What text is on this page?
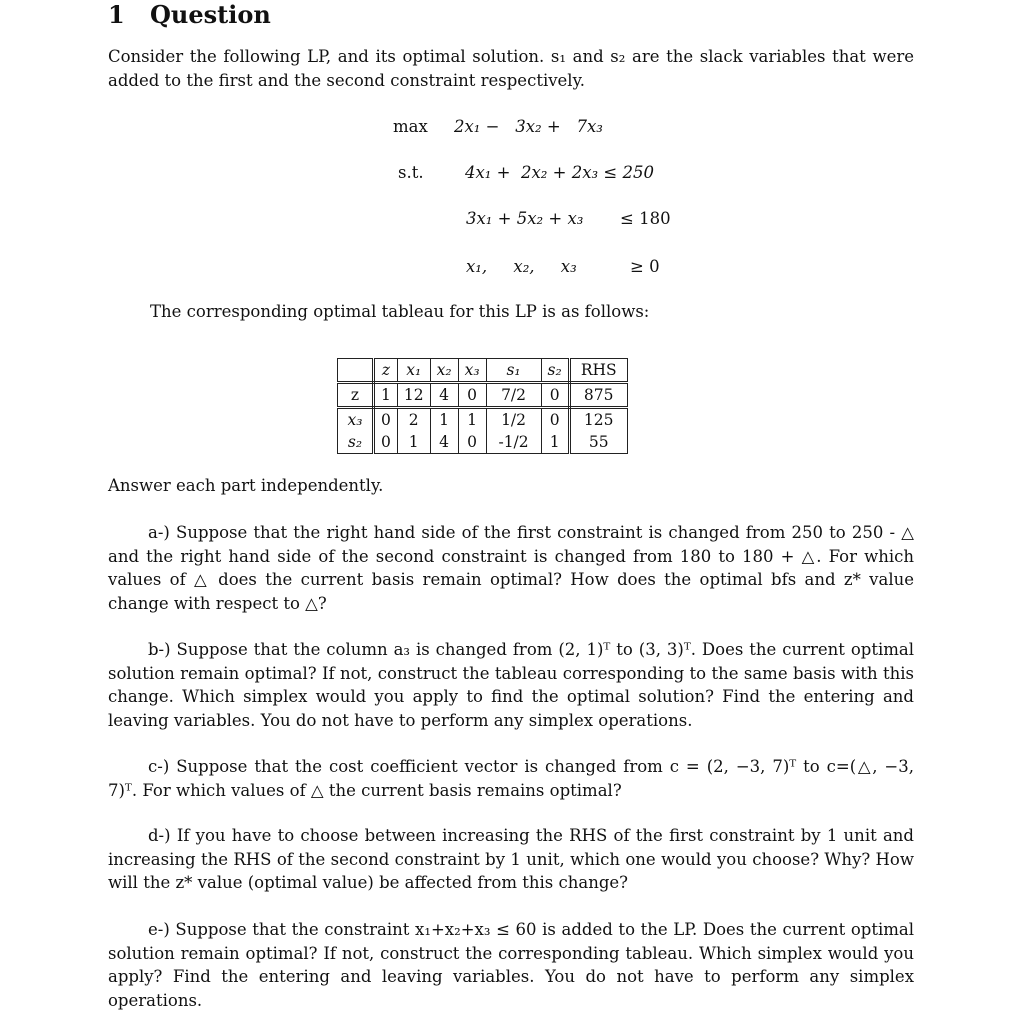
1 Question
Consider the following LP, and its optimal solution. s₁ and s₂ are the slack variables that were added to the first and the second constraint respectively.
max 2x₁ −   3x₂ +   7x₃
s.t.	4x₁ +  2x₂ + 2x₃ ≤ 250
3x₁ + 5x₂ + x₃ ≤ 180
x₁,     x₂,     x₃	≥ 0
The corresponding optimal tableau for this LP is as follows:
	z	x₁	x₂	x₃	s₁	s₂	RHS
z	1	12	4	0	7/2	0	875
x₃	0	2	1	1	1/2	0	125
s₂	0	1	4	0	-1/2	1	55
Answer each part independently.
a-) Suppose that the right hand side of the first constraint is changed from 250 to 250 - △ and the right hand side of the second constraint is changed from 180 to 180 + △. For which values of △ does the current basis remain optimal? How does the optimal bfs and z* value change with respect to △?
b-) Suppose that the column a₃ is changed from (2, 1)ᵀ to (3, 3)ᵀ. Does the current optimal solution remain optimal? If not, construct the tableau corresponding to the same basis with this change. Which simplex would you apply to find the optimal solution? Find the entering and leaving variables. You do not have to perform any simplex operations.
c-) Suppose that the cost coefficient vector is changed from c = (2, −3, 7)ᵀ to c=(△, −3, 7)ᵀ. For which values of △ the current basis remains optimal?
d-) If you have to choose between increasing the RHS of the first constraint by 1 unit and increasing the RHS of the second constraint by 1 unit, which one would you choose? Why? How will the z* value (optimal value) be affected from this change?
e-) Suppose that the constraint x₁+x₂+x₃ ≤ 60 is added to the LP. Does the current optimal solution remain optimal? If not, construct the corresponding tableau. Which simplex would you apply? Find the entering and leaving variables. You do not have to perform any simplex operations.
